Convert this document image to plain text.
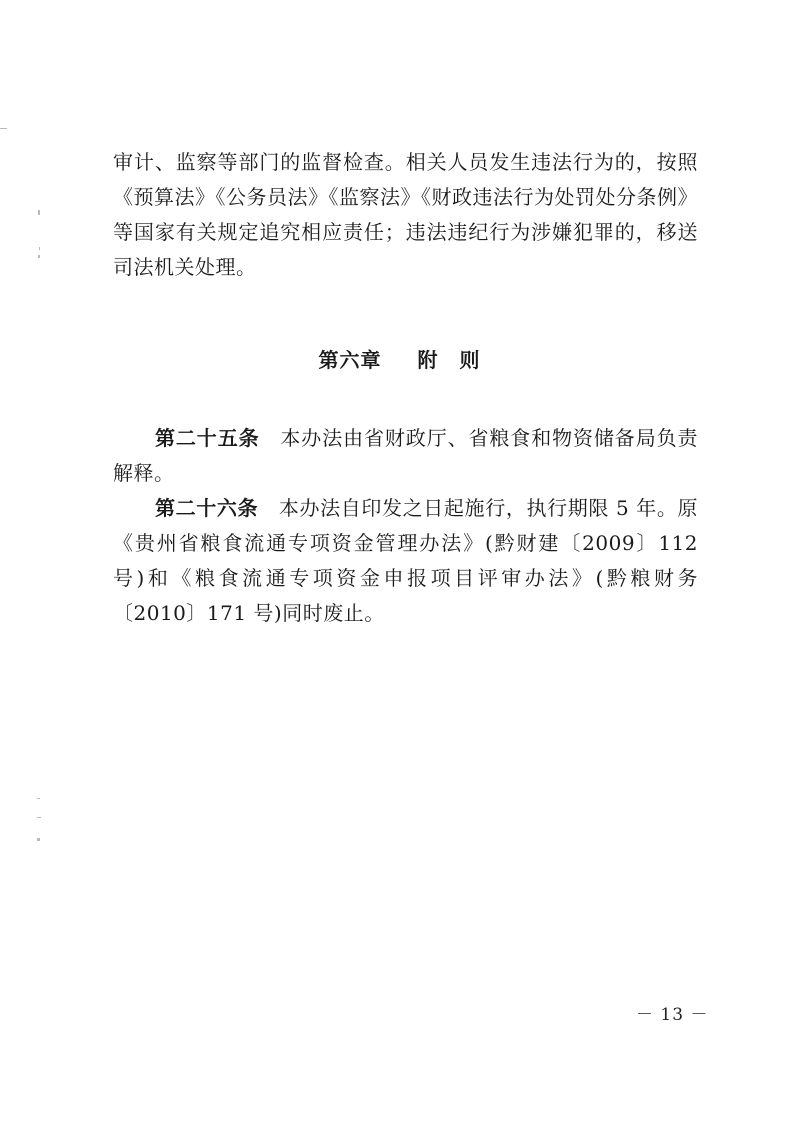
审计、监察等部门的监督检查。相关人员发生违法行为的，按照《预算法》《公务员法》《监察法》《财政违法行为处罚处分条例》等国家有关规定追究相应责任；违法违纪行为涉嫌犯罪的，移送司法机关处理。

第六章 附　则

第二十五条　 本办法由省财政厅、省粮食和物资储备局负责解释。

第二十六条　 本办法自印发之日起施行，执行期限 5 年。原《贵州省粮食流通专项资金管理办法》(黔财建〔2009〕112 号)和《粮食流通专项资金申报项目评审办法》(黔粮财务〔2010〕171 号)同时废止。

－ 13 －
